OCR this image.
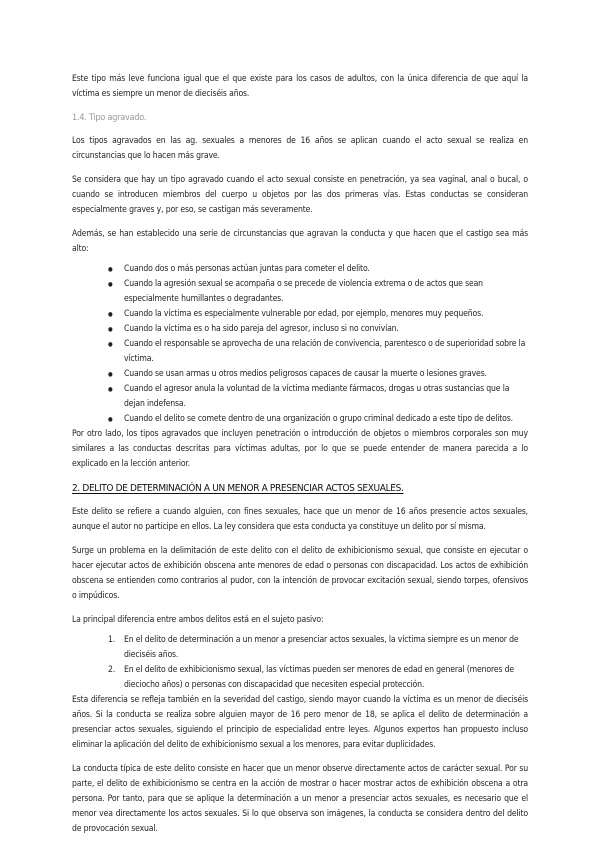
Este tipo más leve funciona igual que el que existe para los casos de adultos, con la única diferencia de que aquí la víctima es siempre un menor de dieciséis años.

1.4. Tipo agravado.

Los tipos agravados en las ag. sexuales a menores de 16 años se aplican cuando el acto sexual se realiza en circunstancias que lo hacen más grave.

Se considera que hay un tipo agravado cuando el acto sexual consiste en penetración, ya sea vaginal, anal o bucal, o cuando se introducen miembros del cuerpo u objetos por las dos primeras vías. Estas conductas se consideran especialmente graves y, por eso, se castigan más severamente.

Además, se han establecido una serie de circunstancias que agravan la conducta y que hacen que el castigo sea más alto:

● Cuando dos o más personas actúan juntas para cometer el delito.
● Cuando la agresión sexual se acompaña o se precede de violencia extrema o de actos que sean especialmente humillantes o degradantes.
● Cuando la víctima es especialmente vulnerable por edad, por ejemplo, menores muy pequeños.
● Cuando la víctima es o ha sido pareja del agresor, incluso si no convivían.
● Cuando el responsable se aprovecha de una relación de convivencia, parentesco o de superioridad sobre la víctima.
● Cuando se usan armas u otros medios peligrosos capaces de causar la muerte o lesiones graves.
● Cuando el agresor anula la voluntad de la víctima mediante fármacos, drogas u otras sustancias que la dejan indefensa.
● Cuando el delito se comete dentro de una organización o grupo criminal dedicado a este tipo de delitos.

Por otro lado, los tipos agravados que incluyen penetración o introducción de objetos o miembros corporales son muy similares a las conductas descritas para víctimas adultas, por lo que se puede entender de manera parecida a lo explicado en la lección anterior.

2. DELITO DE DETERMINACIÓN A UN MENOR A PRESENCIAR ACTOS SEXUALES.

Este delito se refiere a cuando alguien, con fines sexuales, hace que un menor de 16 años presencie actos sexuales, aunque el autor no participe en ellos. La ley considera que esta conducta ya constituye un delito por sí misma.

Surge un problema en la delimitación de este delito con el delito de exhibicionismo sexual, que consiste en ejecutar o hacer ejecutar actos de exhibición obscena ante menores de edad o personas con discapacidad. Los actos de exhibición obscena se entienden como contrarios al pudor, con la intención de provocar excitación sexual, siendo torpes, ofensivos o impúdicos.

La principal diferencia entre ambos delitos está en el sujeto pasivo:

1. En el delito de determinación a un menor a presenciar actos sexuales, la víctima siempre es un menor de dieciséis años.
2. En el delito de exhibicionismo sexual, las víctimas pueden ser menores de edad en general (menores de dieciocho años) o personas con discapacidad que necesiten especial protección.

Esta diferencia se refleja también en la severidad del castigo, siendo mayor cuando la víctima es un menor de dieciséis años. Si la conducta se realiza sobre alguien mayor de 16 pero menor de 18, se aplica el delito de determinación a presenciar actos sexuales, siguiendo el principio de especialidad entre leyes. Algunos expertos han propuesto incluso eliminar la aplicación del delito de exhibicionismo sexual a los menores, para evitar duplicidades.

La conducta típica de este delito consiste en hacer que un menor observe directamente actos de carácter sexual. Por su parte, el delito de exhibicionismo se centra en la acción de mostrar o hacer mostrar actos de exhibición obscena a otra persona. Por tanto, para que se aplique la determinación a un menor a presenciar actos sexuales, es necesario que el menor vea directamente los actos sexuales. Si lo que observa son imágenes, la conducta se considera dentro del delito de provocación sexual.
